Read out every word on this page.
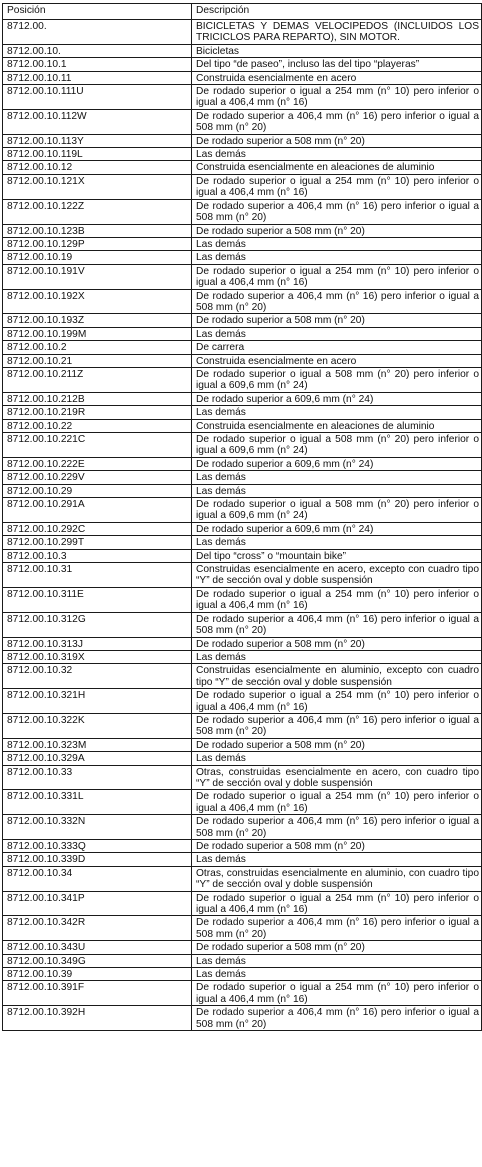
Posición	Descripción
8712.00.	BICICLETAS Y DEMAS VELOCIPEDOS (INCLUIDOS LOS TRICICLOS PARA REPARTO), SIN MOTOR.
8712.00.10.	Bicicletas
8712.00.10.1	Del tipo “de paseo”, incluso las del tipo “playeras”
8712.00.10.11	Construida esencialmente en acero
8712.00.10.111U	De rodado superior o igual a 254 mm (n° 10) pero inferior o igual a 406,4 mm (n° 16)
8712.00.10.112W	De rodado superior a 406,4 mm (n° 16) pero inferior o igual a 508 mm (n° 20)
8712.00.10.113Y	De rodado superior a 508 mm (n° 20)
8712.00.10.119L	Las demás
8712.00.10.12	Construida esencialmente en aleaciones de aluminio
8712.00.10.121X	De rodado superior o igual a 254 mm (n° 10) pero inferior o igual a 406,4 mm (n° 16)
8712.00.10.122Z	De rodado superior a 406,4 mm (n° 16) pero inferior o igual a 508 mm (n° 20)
8712.00.10.123B	De rodado superior a 508 mm (n° 20)
8712.00.10.129P	Las demás
8712.00.10.19	Las demás
8712.00.10.191V	De rodado superior o igual a 254 mm (n° 10) pero inferior o igual a 406,4 mm (n° 16)
8712.00.10.192X	De rodado superior a 406,4 mm (n° 16) pero inferior o igual a 508 mm (n° 20)
8712.00.10.193Z	De rodado superior a 508 mm (n° 20)
8712.00.10.199M	Las demás
8712.00.10.2	De carrera
8712.00.10.21	Construida esencialmente en acero
8712.00.10.211Z	De rodado superior o igual a 508 mm (n° 20) pero inferior o igual a 609,6 mm (n° 24)
8712.00.10.212B	De rodado superior a 609,6 mm (n° 24)
8712.00.10.219R	Las demás
8712.00.10.22	Construida esencialmente en aleaciones de aluminio
8712.00.10.221C	De rodado superior o igual a 508 mm (n° 20) pero inferior o igual a 609,6 mm (n° 24)
8712.00.10.222E	De rodado superior a 609,6 mm (n° 24)
8712.00.10.229V	Las demás
8712.00.10.29	Las demás
8712.00.10.291A	De rodado superior o igual a 508 mm (n° 20) pero inferior o igual a 609,6 mm (n° 24)
8712.00.10.292C	De rodado superior a 609,6 mm (n° 24)
8712.00.10.299T	Las demás
8712.00.10.3	Del tipo “cross” o “mountain bike”
8712.00.10.31	Construidas esencialmente en acero, excepto con cuadro tipo “Y” de sección oval y doble suspensión
8712.00.10.311E	De rodado superior o igual a 254 mm (n° 10) pero inferior o igual a 406,4 mm (n° 16)
8712.00.10.312G	De rodado superior a 406,4 mm (n° 16) pero inferior o igual a 508 mm (n° 20)
8712.00.10.313J	De rodado superior a 508 mm (n° 20)
8712.00.10.319X	Las demás
8712.00.10.32	Construidas esencialmente en aluminio, excepto con cuadro tipo “Y” de sección oval y doble suspensión
8712.00.10.321H	De rodado superior o igual a 254 mm (n° 10) pero inferior o igual a 406,4 mm (n° 16)
8712.00.10.322K	De rodado superior a 406,4 mm (n° 16) pero inferior o igual a 508 mm (n° 20)
8712.00.10.323M	De rodado superior a 508 mm (n° 20)
8712.00.10.329A	Las demás
8712.00.10.33	Otras, construidas esencialmente en acero, con cuadro tipo “Y” de sección oval y doble suspensión
8712.00.10.331L	De rodado superior o igual a 254 mm (n° 10) pero inferior o igual a 406,4 mm (n° 16)
8712.00.10.332N	De rodado superior a 406,4 mm (n° 16) pero inferior o igual a 508 mm (n° 20)
8712.00.10.333Q	De rodado superior a 508 mm (n° 20)
8712.00.10.339D	Las demás
8712.00.10.34	Otras, construidas esencialmente en aluminio, con cuadro tipo “Y” de sección oval y doble suspensión
8712.00.10.341P	De rodado superior o igual a 254 mm (n° 10) pero inferior o igual a 406,4 mm (n° 16)
8712.00.10.342R	De rodado superior a 406,4 mm (n° 16) pero inferior o igual a 508 mm (n° 20)
8712.00.10.343U	De rodado superior a 508 mm (n° 20)
8712.00.10.349G	Las demás
8712.00.10.39	Las demás
8712.00.10.391F	De rodado superior o igual a 254 mm (n° 10) pero inferior o igual a 406,4 mm (n° 16)
8712.00.10.392H	De rodado superior a 406,4 mm (n° 16) pero inferior o igual a 508 mm (n° 20)
